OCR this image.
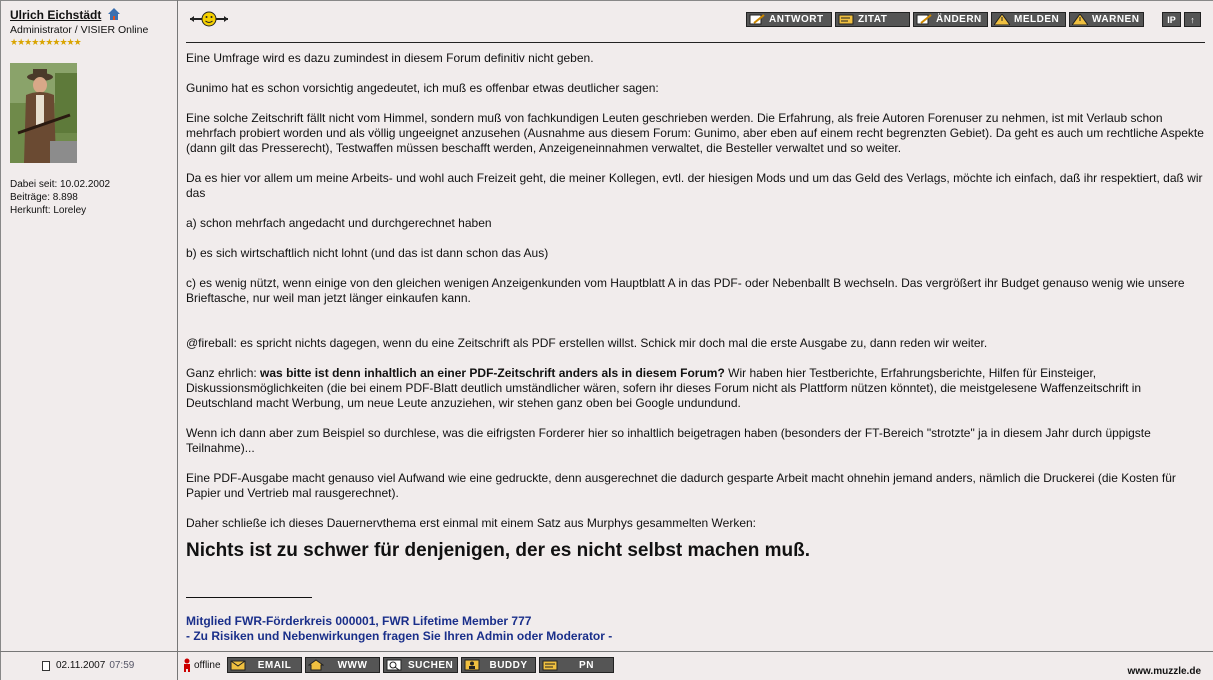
Ulrich Eichstädt
Administrator / VISIER Online
★★★★★★★★★★
Dabei seit: 10.02.2002
Beiträge: 8.898
Herkunft: Loreley
ANTWORT	ZITAT	ÄNDERN	MELDEN	WARNEN	IP ↑

Eine Umfrage wird es dazu zumindest in diesem Forum definitiv nicht geben.

Gunimo hat es schon vorsichtig angedeutet, ich muß es offenbar etwas deutlicher sagen:

Eine solche Zeitschrift fällt nicht vom Himmel, sondern muß von fachkundigen Leuten geschrieben werden. Die Erfahrung, als freie Autoren Forenuser zu nehmen, ist mit Verlaub schon mehrfach probiert worden und als völlig ungeeignet anzusehen (Ausnahme aus diesem Forum: Gunimo, aber eben auf einem recht begrenzten Gebiet). Da geht es auch um rechtliche Aspekte (dann gilt das Presserecht), Testwaffen müssen beschafft werden, Anzeigeneinnahmen verwaltet, die Besteller verwaltet und so weiter.

Da es hier vor allem um meine Arbeits- und wohl auch Freizeit geht, die meiner Kollegen, evtl. der hiesigen Mods und um das Geld des Verlags, möchte ich einfach, daß ihr respektiert, daß wir das

a) schon mehrfach angedacht und durchgerechnet haben

b) es sich wirtschaftlich nicht lohnt (und das ist dann schon das Aus)

c) es wenig nützt, wenn einige von den gleichen wenigen Anzeigenkunden vom Hauptblatt A in das PDF- oder Nebenballt B wechseln. Das vergrößert ihr Budget genauso wenig wie unsere Brieftasche, nur weil man jetzt länger einkaufen kann.

@fireball: es spricht nichts dagegen, wenn du eine Zeitschrift als PDF erstellen willst. Schick mir doch mal die erste Ausgabe zu, dann reden wir weiter.

Ganz ehrlich: was bitte ist denn inhaltlich an einer PDF-Zeitschrift anders als in diesem Forum? Wir haben hier Testberichte, Erfahrungsberichte, Hilfen für Einsteiger, Diskussionsmöglichkeiten (die bei einem PDF-Blatt deutlich umständlicher wären, sofern ihr dieses Forum nicht als Plattform nützen könntet), die meistgelesene Waffenzeitschrift in Deutschland macht Werbung, um neue Leute anzuziehen, wir stehen ganz oben bei Google undundund.

Wenn ich dann aber zum Beispiel so durchlese, was die eifrigsten Forderer hier so inhaltlich beigetragen haben (besonders der FT-Bereich "strotzte" ja in diesem Jahr durch üppigste Teilnahme)...

Eine PDF-Ausgabe macht genauso viel Aufwand wie eine gedruckte, denn ausgerechnet die dadurch gesparte Arbeit macht ohnehin jemand anders, nämlich die Druckerei (die Kosten für Papier und Vertrieb mal rausgerechnet).

Daher schließe ich dieses Dauernervthema erst einmal mit einem Satz aus Murphys gesammelten Werken:

Nichts ist zu schwer für denjenigen, der es nicht selbst machen muß.
Mitglied FWR-Förderkreis 000001, FWR Lifetime Member 777
- Zu Risiken und Nebenwirkungen fragen Sie Ihren Admin oder Moderator -
02.11.2007 07:59	offline	EMAIL	WWW	SUCHEN	BUDDY	PN
www.muzzle.de
